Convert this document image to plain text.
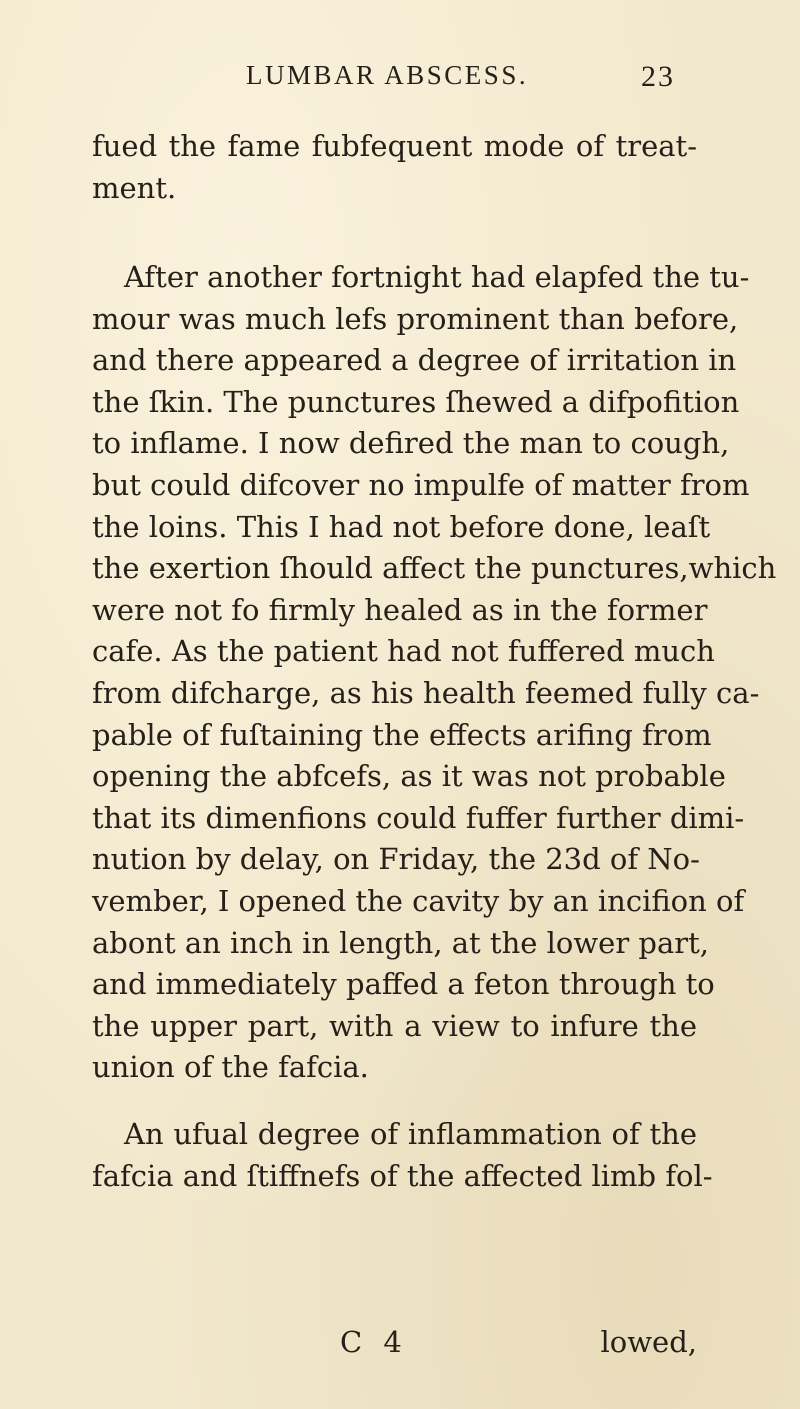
LUMBAR ABSCESS.	23
fued the fame fubfequent mode of treat-
ment.
After another fortnight had elapfed the tu-
mour was much lefs prominent than before,
and there appeared a degree of irritation in
the ſkin. The punctures ſhewed a difpofition
to inflame. I now defired the man to cough,
but could difcover no impulfe of matter from
the loins. This I had not before done, leaſt
the exertion ſhould affect the punctures,which
were not fo firmly healed as in the former
cafe. As the patient had not fuffered much
from difcharge, as his health feemed fully ca-
pable of fuſtaining the effects arifing from
opening the abfcefs, as it was not probable
that its dimenfions could fuffer further dimi-
nution by delay, on Friday, the 23d of No-
vember, I opened the cavity by an incifion of
abont an inch in length, at the lower part,
and immediately paffed a feton through to
the upper part, with a view to infure the
union of the fafcia.
An ufual degree of inflammation of the
fafcia and ſtiffnefs of the affected limb fol-
C 4	lowed,
